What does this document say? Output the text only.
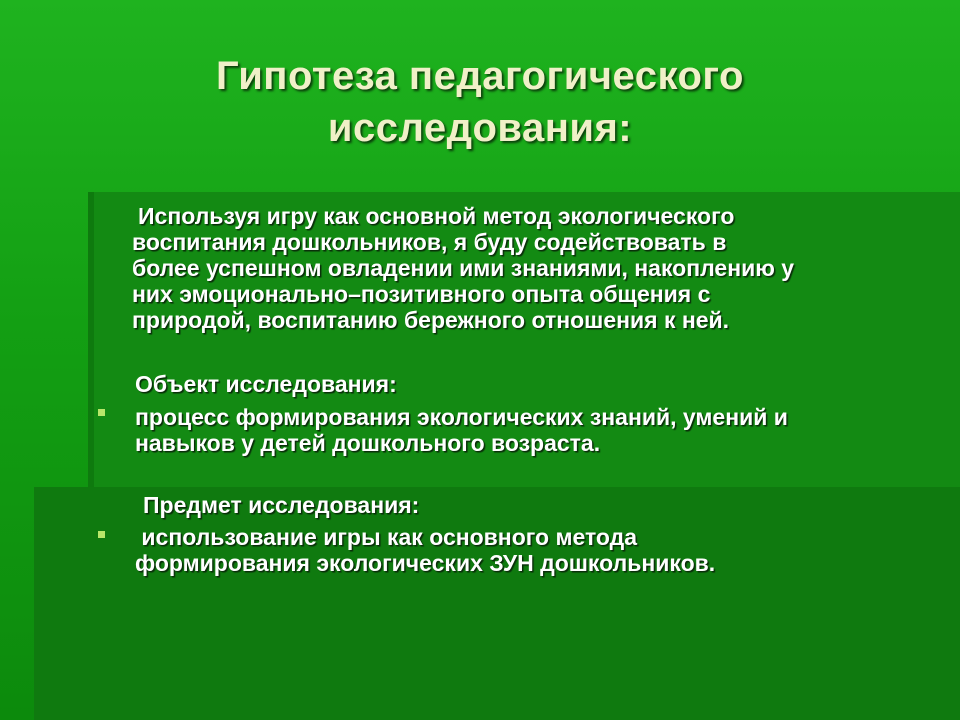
Гипотеза педагогического
исследования:
Используя игру как основной метод экологического
воспитания дошкольников, я буду содействовать в
более успешном овладении ими знаниями, накоплению у
них эмоционально–позитивного опыта общения с
природой, воспитанию бережного отношения к ней.
Объект исследования:
процесс формирования экологических знаний, умений и
навыков у детей дошкольного возраста.
Предмет исследования:
использование игры как основного метода
формирования экологических ЗУН дошкольников.
